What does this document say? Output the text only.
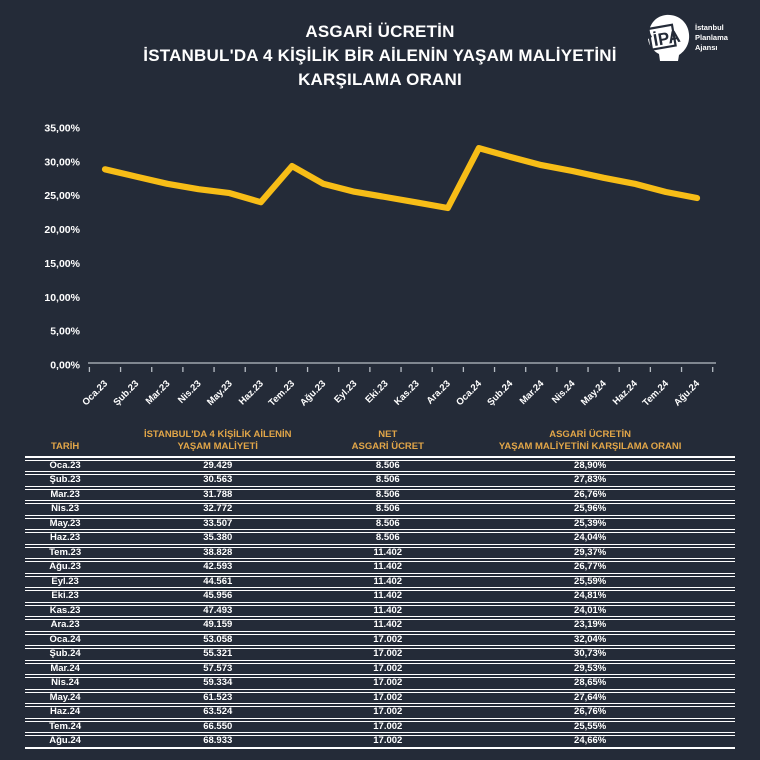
ASGARİ ÜCRETİN
İSTANBUL'DA 4 KİŞİLİK BİR AİLENİN YAŞAM MALİYETİNİ
KARŞILAMA ORANI
İPA İstanbul
Planlama
Ajansı
0,00%
5,00%
10,00%
15,00%
20,00%
25,00%
30,00%
35,00%
Oca.23 Şub.23 Mar.23 Nis.23 May.23 Haz.23 Tem.23 Ağu.23 Eyl.23 Eki.23 Kas.23 Ara.23 Oca.24 Şub.24 Mar.24 Nis.24 May.24 Haz.24 Tem.24 Ağu.24
TARİH

İSTANBUL'DA 4 KİŞİLİK AİLENİN
YAŞAM MALİYETİ

NET
ASGARİ ÜCRET

ASGARİ ÜCRETİN
YAŞAM MALİYETİNİ KARŞILAMA ORANI

Oca.23	29.429	8.506	28,90%
Şub.23	30.563	8.506	27,83%
Mar.23	31.788	8.506	26,76%
Nis.23	32.772	8.506	25,96%
May.23	33.507	8.506	25,39%
Haz.23	35.380	8.506	24,04%
Tem.23	38.828	11.402	29,37%
Ağu.23	42.593	11.402	26,77%
Eyl.23	44.561	11.402	25,59%
Eki.23	45.956	11.402	24,81%
Kas.23	47.493	11.402	24,01%
Ara.23	49.159	11.402	23,19%
Oca.24	53.058	17.002	32,04%
Şub.24	55.321	17.002	30,73%
Mar.24	57.573	17.002	29,53%
Nis.24	59.334	17.002	28,65%
May.24	61.523	17.002	27,64%
Haz.24	63.524	17.002	26,76%
Tem.24	66.550	17.002	25,55%
Ağu.24	68.933	17.002	24,66%
